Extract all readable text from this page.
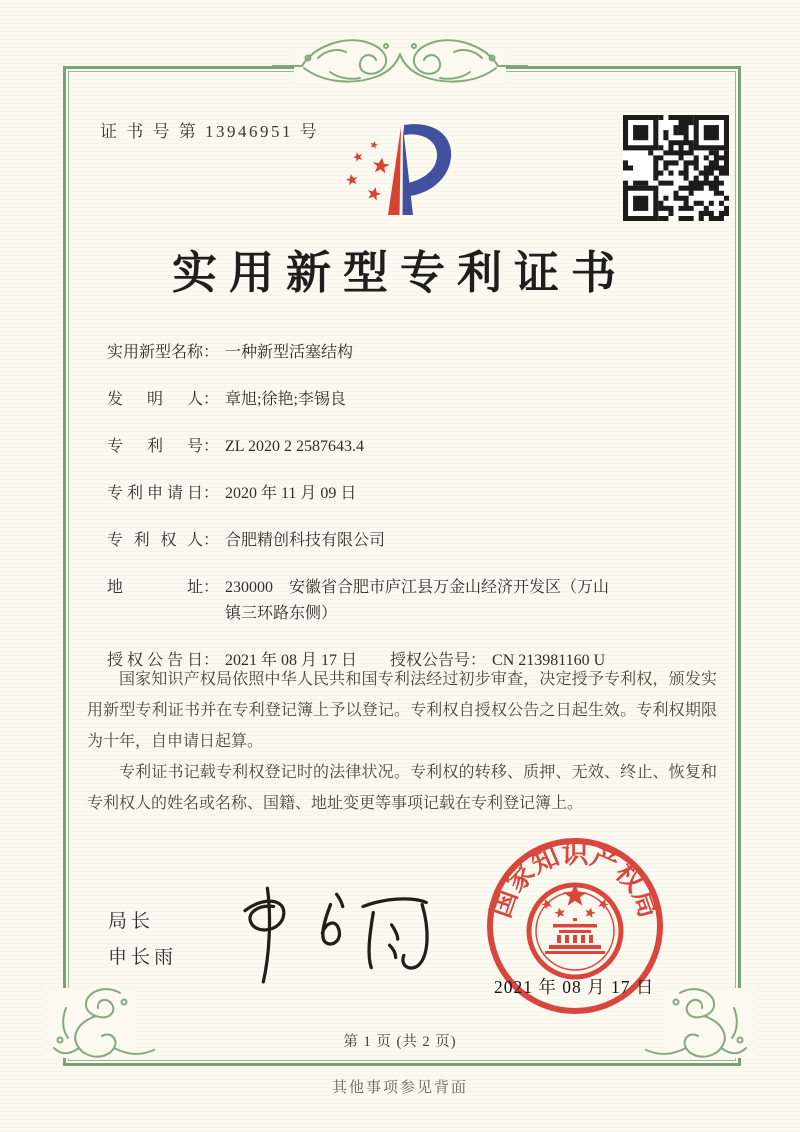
证 书 号 第 13946951 号
实用新型专利证书
实用新型名称： 一种新型活塞结构
发明人： 章旭;徐艳;李锡良
专利号： ZL 2020 2 2587643.4
专利申请日： 2020 年 11 月 09 日
专利权人： 合肥精创科技有限公司
地址： 230000　安徽省合肥市庐江县万金山经济开发区（万山镇三环路东侧）
授权公告日： 2021 年 08 月 17 日 授权公告号： CN 213981160 U

国家知识产权局依照中华人民共和国专利法经过初步审查，决定授予专利权，颁发实用新型专利证书并在专利登记簿上予以登记。专利权自授权公告之日起生效。专利权期限为十年，自申请日起算。

专利证书记载专利权登记时的法律状况。专利权的转移、质押、无效、终止、恢复和专利权人的姓名或名称、国籍、地址变更等事项记载在专利登记簿上。

局长
申长雨
国家知识产权局
2021 年 08 月 17 日
第 1 页 (共 2 页)
其他事项参见背面
